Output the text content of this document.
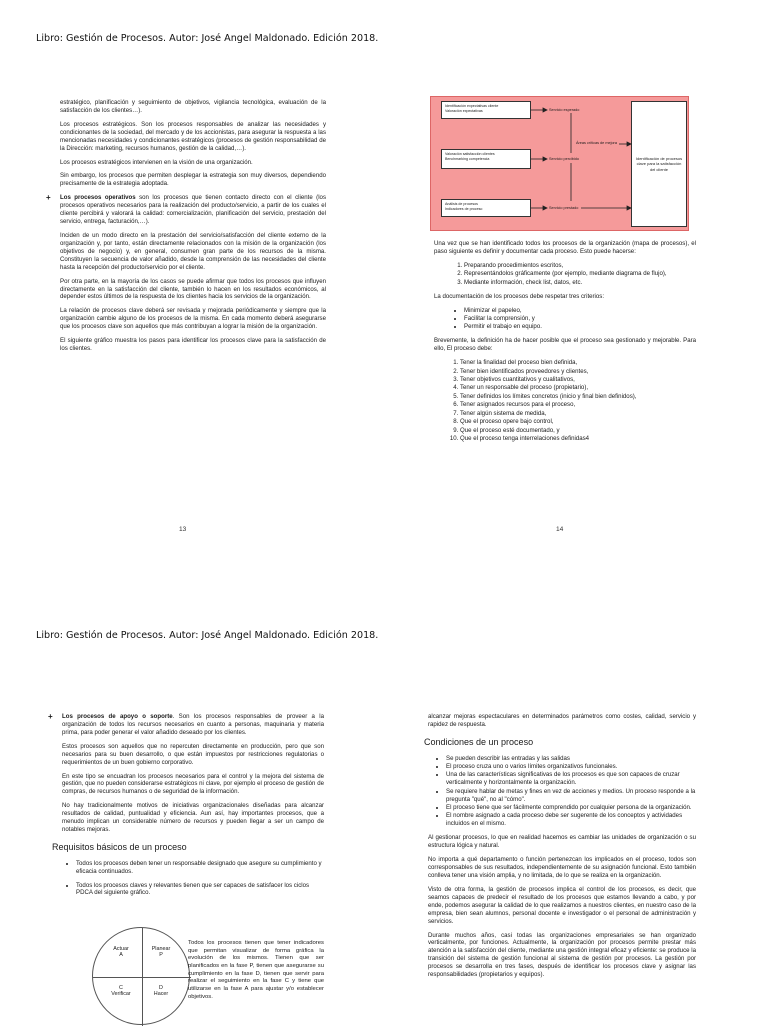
Libro: Gestión de Procesos. Autor: José Angel Maldonado. Edición 2018.
Libro: Gestión de Procesos. Autor: José Angel Maldonado. Edición 2018.

estratégico, planificación y seguimiento de objetivos, vigilancia tecnológica, evaluación de la satisfacción de los clientes…).

Los procesos estratégicos. Son los procesos responsables de analizar las necesidades y condicionantes de la sociedad, del mercado y de los accionistas, para asegurar la respuesta a las mencionadas necesidades y condicionantes estratégicos (procesos de gestión responsabilidad de la Dirección: marketing, recursos humanos, gestión de la calidad,…).

Los procesos estratégicos intervienen en la visión de una organización.

Sin embargo, los procesos que permiten desplegar la estrategia son muy diversos, dependiendo precisamente de la estrategia adoptada.

+ Los procesos operativos son los procesos que tienen contacto directo con el cliente (los procesos operativos necesarios para la realización del producto/servicio, a partir de los cuales el cliente percibirá y valorará la calidad: comercialización, planificación del servicio, prestación del servicio, entrega, facturación,…).

Inciden de un modo directo en la prestación del servicio/satisfacción del cliente externo de la organización y, por tanto, están directamente relacionados con la misión de la organización (los objetivos de negocio) y, en general, consumen gran parte de los recursos de la misma. Constituyen la secuencia de valor añadido, desde la comprensión de las necesidades del cliente hasta la recepción del producto/servicio por el cliente.

Por otra parte, en la mayoría de los casos se puede afirmar que todos los procesos que influyen directamente en la satisfacción del cliente, también lo hacen en los resultados económicos, al depender estos últimos de la respuesta de los clientes hacia los servicios de la organización.

La relación de procesos clave deberá ser revisada y mejorada periódicamente y siempre que la organización cambie alguno de los procesos de la misma. En cada momento deberá asegurarse que los procesos clave son aquellos que más contribuyan a lograr la misión de la organización.

El siguiente gráfico muestra los pasos para identificar los procesos clave para la satisfacción de los clientes.

13
Identificación expectativas cliente
Valoración expectativas
Valoración satisfacción clientes
Benchmarking competencia
Análisis de procesos
Indicadores de proceso
Identificación de procesos clave para la satisfacción del cliente
Servicio esperado
Servicio percibido
Servicio prestado
Áreas críticas de mejora

Una vez que se han identificado todos los procesos de la organización (mapa de procesos), el paso siguiente es definir y documentar cada proceso. Esto puede hacerse:

1. Preparando procedimientos escritos,
2. Representándolos gráficamente (por ejemplo, mediante diagrama de flujo),
3. Mediante información, check list, datos, etc.

La documentación de los procesos debe respetar tres criterios:

• Minimizar el papeleo,
• Facilitar la comprensión, y
• Permitir el trabajo en equipo.

Brevemente, la definición ha de hacer posible que el proceso sea gestionado y mejorable. Para ello, El proceso debe:

1. Tener la finalidad del proceso bien definida,
2. Tener bien identificados proveedores y clientes,
3. Tener objetivos cuantitativos y cualitativos,
4. Tener un responsable del proceso (propietario),
5. Tener definidos los límites concretos (inicio y final bien definidos),
6. Tener asignados recursos para el proceso,
7. Tener algún sistema de medida,
8. Que el proceso opere bajo control,
9. Que el proceso esté documentado, y
10. Que el proceso tenga interrelaciones definidas4
14
+ Los procesos de apoyo o soporte. Son los procesos responsables de proveer a la organización de todos los recursos necesarios en cuanto a personas, maquinaria y materia prima, para poder generar el valor añadido deseado por los clientes.

Estos procesos son aquellos que no repercuten directamente en producción, pero que son necesarios para su buen desarrollo, o que están impuestos por restricciones regulatorias o requerimientos de un buen gobierno corporativo.

En este tipo se encuadran los procesos necesarios para el control y la mejora del sistema de gestión, que no pueden considerarse estratégicos ni clave, por ejemplo el proceso de gestión de compras, de recursos humanos o de seguridad de la información.

No hay tradicionalmente motivos de iniciativas organizacionales diseñadas para alcanzar resultados de calidad, puntualidad y eficiencia. Aun así, hay importantes procesos, que a menudo implican un considerable número de recursos y pueden llegar a ser un campo de notables mejoras.

Requisitos básicos de un proceso
• Todos los procesos deben tener un responsable designado que asegure su cumplimiento y eficacia continuados.
• Todos los procesos claves y relevantes tienen que ser capaces de satisfacer los ciclos PDCA del siguiente gráfico.
Actuar
A
Planear
P
C
Verificar
D
Hacer

Todos los procesos tienen que tener indicadores que permitan visualizar de forma gráfica la evolución de los mismos. Tienen que ser planificados en la fase P, tienen que asegurarse su cumplimiento en la fase D, tienen que servir para realizar el seguimiento en la fase C y tiene que utilizarse en la fase A para ajustar y/o establecer objetivos.

alcanzar mejoras espectaculares en determinados parámetros como costes, calidad, servicio y rapidez de respuesta.

Condiciones de un proceso
• Se pueden describir las entradas y las salidas
• El proceso cruza uno o varios límites organizativos funcionales.
• Una de las características significativas de los procesos es que son capaces de cruzar verticalmente y horizontalmente la organización.
• Se requiere hablar de metas y fines en vez de acciones y medios. Un proceso responde a la pregunta "qué", no al "cómo".
• El proceso tiene que ser fácilmente comprendido por cualquier persona de la organización.
• El nombre asignado a cada proceso debe ser sugerente de los conceptos y actividades incluidos en el mismo.

Al gestionar procesos, lo que en realidad hacemos es cambiar las unidades de organización o su estructura lógica y natural.

No importa a qué departamento o función pertenezcan los implicados en el proceso, todos son corresponsables de sus resultados, independientemente de su asignación funcional. Esto también conlleva tener una visión amplia, y no limitada, de lo que se realiza en la organización.

Visto de otra forma, la gestión de procesos implica el control de los procesos, es decir, que seamos capaces de predecir el resultado de los procesos que estamos llevando a cabo, y por ende, podemos asegurar la calidad de lo que realizamos a nuestros clientes, en nuestro caso de la empresa, bien sean alumnos, personal docente e investigador o el personal de administración y servicios.

Durante muchos años, casi todas las organizaciones empresariales se han organizado verticalmente, por funciones. Actualmente, la organización por procesos permite prestar más atención a la satisfacción del cliente, mediante una gestión integral eficaz y eficiente: se produce la transición del sistema de gestión funcional al sistema de gestión por procesos. La gestión por procesos se desarrolla en tres fases, después de identificar los procesos clave y asignar las responsabilidades (propietarios y equipos).
